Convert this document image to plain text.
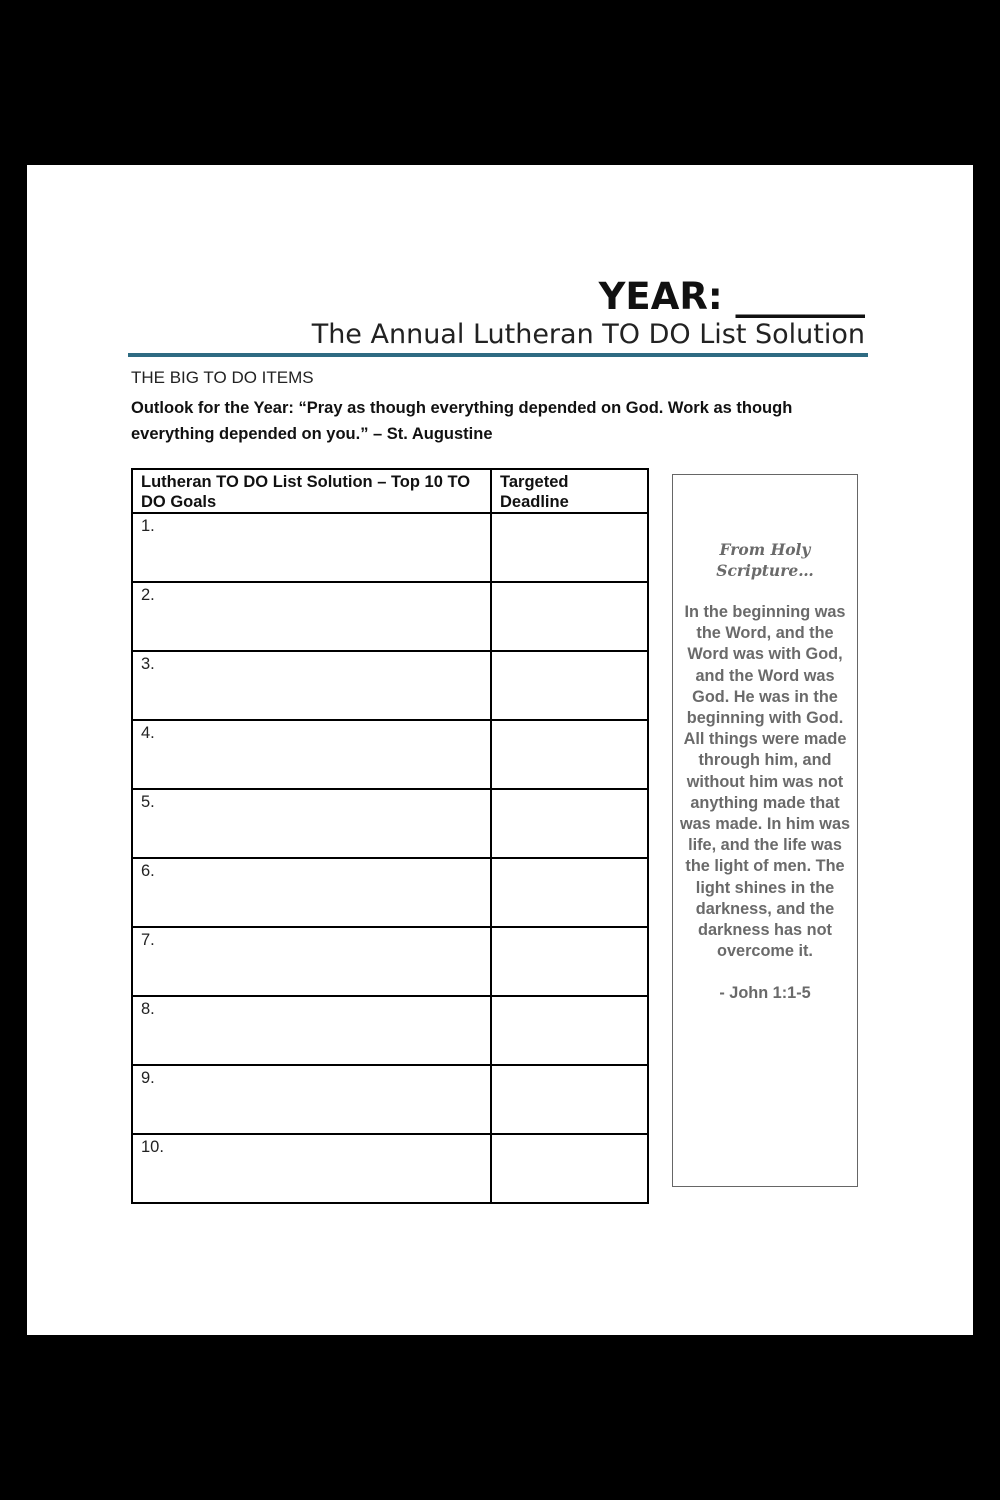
YEAR: _______
The Annual Lutheran TO DO List Solution
THE BIG TO DO ITEMS
Outlook for the Year: “Pray as though everything depended on God. Work as though everything depended on you.” – St. Augustine
Lutheran TO DO List Solution – Top 10 TO DO Goals	Targeted Deadline
1.	
2.	
3.	
4.	
5.	
6.	
7.	
8.	
9.	
10.	
From Holy Scripture…
In the beginning was the Word, and the Word was with God, and the Word was God. He was in the beginning with God. All things were made through him, and without him was not anything made that was made. In him was life, and the life was the light of men. The light shines in the darkness, and the darkness has not overcome it.
- John 1:1-5
